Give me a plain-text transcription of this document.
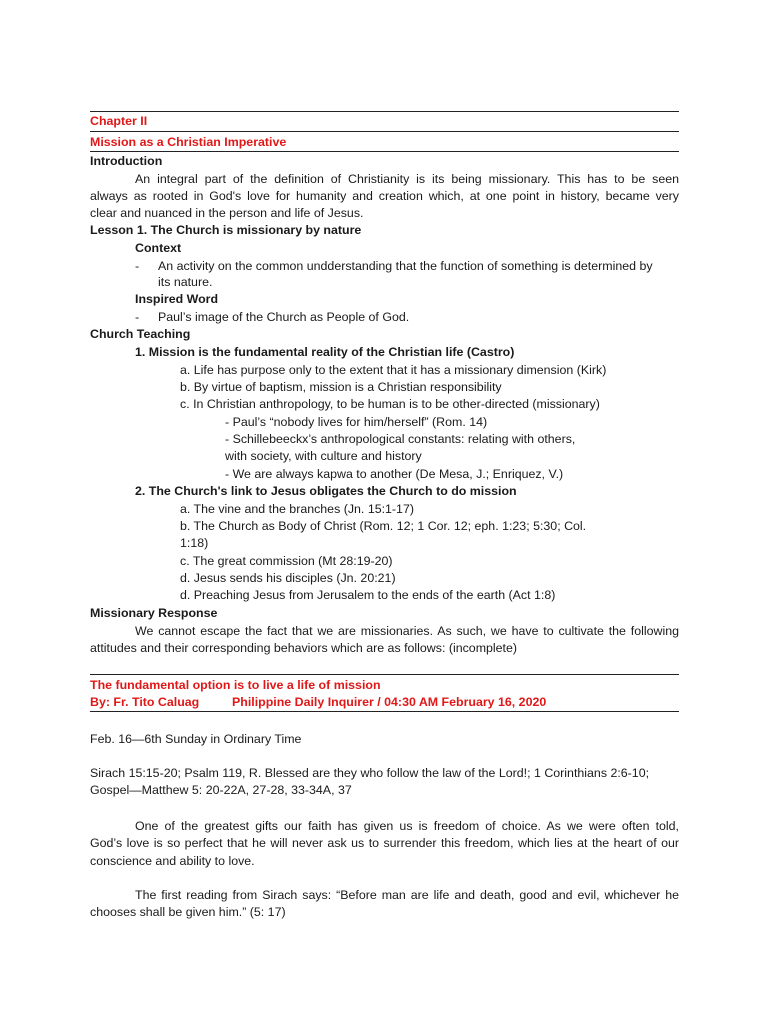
Chapter II
Mission as a Christian Imperative
Introduction
An integral part of the definition of Christianity is its being missionary. This has to be seen
always as rooted in God's love for humanity and creation which, at one point in history, became very
clear and nuanced in the person and life of Jesus.
Lesson 1. The Church is missionary by nature
Context
- An activity on the common undderstanding that the function of something is determined by
its nature.
Inspired Word
- Paul’s image of the Church as People of God.
Church Teaching
1. Mission is the fundamental reality of the Christian life (Castro)
a. Life has purpose only to the extent that it has a missionary dimension (Kirk)
b. By virtue of baptism, mission is a Christian responsibility
c. In Christian anthropology, to be human is to be other-directed (missionary)
- Paul’s “nobody lives for him/herself” (Rom. 14)
- Schillebeeckx’s anthropological constants: relating with others,
with society, with culture and history
- We are always kapwa to another (De Mesa, J.; Enriquez, V.)
2. The Church's link to Jesus obligates the Church to do mission
a. The vine and the branches (Jn. 15:1-17)
b. The Church as Body of Christ (Rom. 12; 1 Cor. 12; eph. 1:23; 5:30; Col.
1:18)
c. The great commission (Mt 28:19-20)
d. Jesus sends his disciples (Jn. 20:21)
d. Preaching Jesus from Jerusalem to the ends of the earth (Act 1:8)
Missionary Response
We cannot escape the fact that we are missionaries. As such, we have to cultivate the following
attitudes and their corresponding behaviors which are as follows: (incomplete)
The fundamental option is to live a life of mission
By: Fr. Tito Caluag	Philippine Daily Inquirer / 04:30 AM February 16, 2020
Feb. 16—6th Sunday in Ordinary Time
Sirach 15:15-20; Psalm 119, R. Blessed are they who follow the law of the Lord!; 1 Corinthians 2:6-10;
Gospel—Matthew 5: 20-22A, 27-28, 33-34A, 37
One of the greatest gifts our faith has given us is freedom of choice. As we were often told,
God’s love is so perfect that he will never ask us to surrender this freedom, which lies at the heart of our
conscience and ability to love.
The first reading from Sirach says: “Before man are life and death, good and evil, whichever he
chooses shall be given him.” (5: 17)
